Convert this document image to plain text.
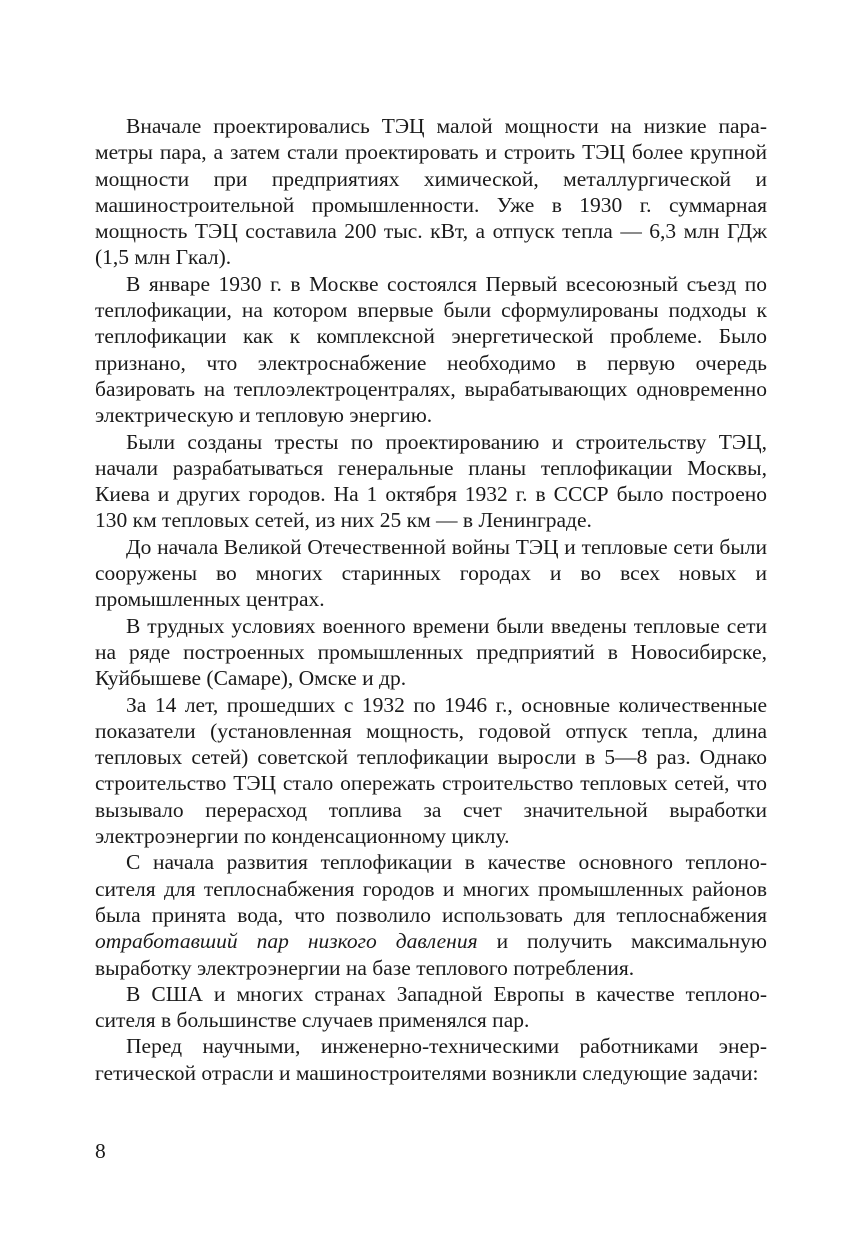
Вначале проектировались ТЭЦ малой мощности на низкие параметры пара, а затем стали проектировать и строить ТЭЦ более крупной мощности при предприятиях химической, металлургической и машиностроительной промышленности. Уже в 1930 г. суммарная мощность ТЭЦ составила 200 тыс. кВт, а отпуск тепла — 6,3 млн ГДж (1,5 млн Гкал).

В январе 1930 г. в Москве состоялся Первый всесоюзный съезд по теплофикации, на котором впервые были сформулированы подходы к теплофикации как к комплексной энергетической проблеме. Было признано, что электроснабжение необходимо в первую очередь базировать на теплоэлектроцентралях, вырабатывающих одновременно электрическую и тепловую энергию.

Были созданы тресты по проектированию и строительству ТЭЦ, начали разрабатываться генеральные планы теплофикации Москвы, Киева и других городов. На 1 октября 1932 г. в СССР было построено 130 км тепловых сетей, из них 25 км — в Ленинграде.

До начала Великой Отечественной войны ТЭЦ и тепловые сети были сооружены во многих старинных городах и во всех новых и промышленных центрах.

В трудных условиях военного времени были введены тепловые сети на ряде построенных промышленных предприятий в Новосибирске, Куйбышеве (Самаре), Омске и др.

За 14 лет, прошедших с 1932 по 1946 г., основные количественные показатели (установленная мощность, годовой отпуск тепла, длина тепловых сетей) советской теплофикации выросли в 5—8 раз. Однако строительство ТЭЦ стало опережать строительство тепловых сетей, что вызывало перерасход топлива за счет значительной выработки электроэнергии по конденсационному циклу.

С начала развития теплофикации в качестве основного теплоносителя для теплоснабжения городов и многих промышленных районов была принята вода, что позволило использовать для теплоснабжения отработавший пар низкого давления и получить максимальную выработку электроэнергии на базе теплового потребления.

В США и многих странах Западной Европы в качестве теплоносителя в большинстве случаев применялся пар.

Перед научными, инженерно-техническими работниками энергетической отрасли и машиностроителями возникли следующие задачи:

8
